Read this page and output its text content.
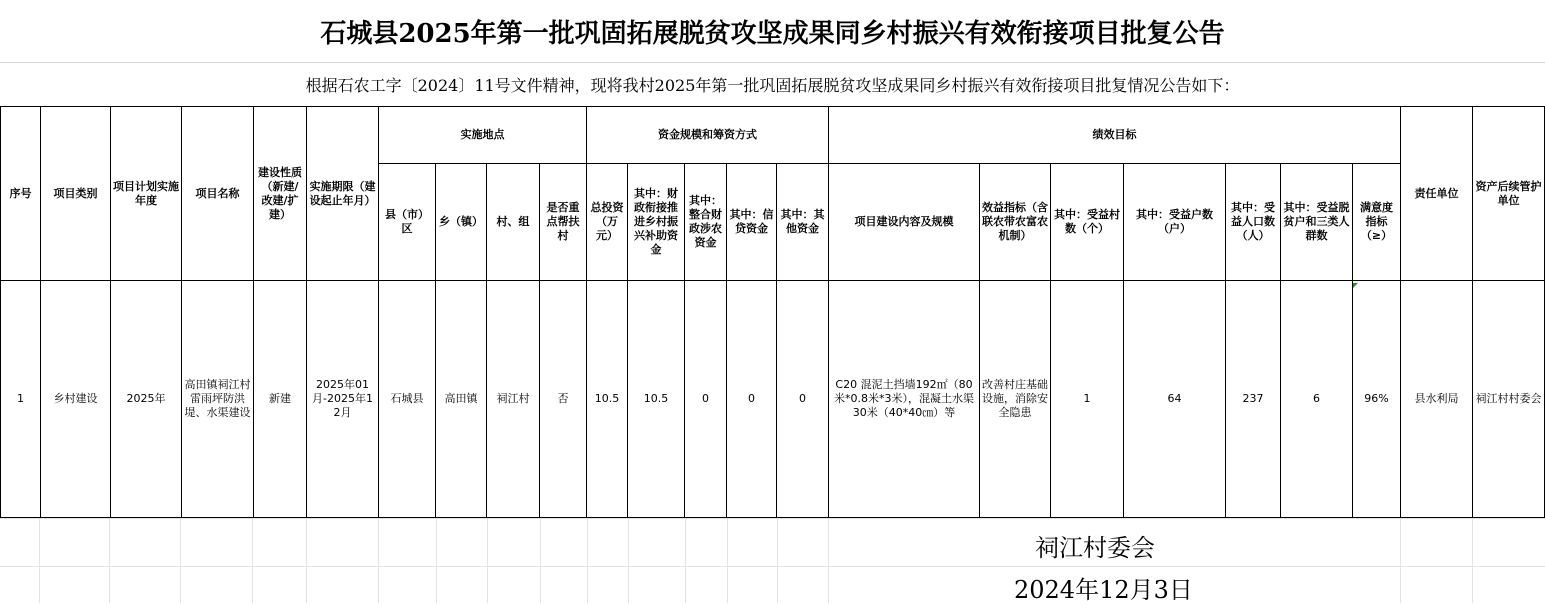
石城县2025年第一批巩固拓展脱贫攻坚成果同乡村振兴有效衔接项目批复公告
根据石农工字〔2024〕11号文件精神，现将我村2025年第一批巩固拓展脱贫攻坚成果同乡村振兴有效衔接项目批复情况公告如下：
序号	项目类别	项目计划实施年度	项目名称	建设性质（新建/改建/扩建）	实施期限（建设起止年月）	实施地点				资金规模和筹资方式					绩效目标							责任单位	资产后续管护单位
						县（市）区	乡（镇）	村、组	是否重点帮扶村	总投资（万元）	其中：财政衔接推进乡村振兴补助资金	其中：整合财政涉农资金	其中：信贷资金	其中：其他资金	项目建设内容及规模	效益指标（含联农带农富农机制）	其中：受益村数（个）	其中：受益户数（户）	其中：受益人口数（人）	其中：受益脱贫户和三类人群数	满意度指标（≥）		
1	乡村建设	2025年	高田镇祠江村雷雨坪防洪堤、水渠建设	新建	2025年01月-2025年12月	石城县	高田镇	祠江村	否	10.5	10.5	0	0	0	C20 混泥土挡墙192㎡（80米*0.8米*3米），混凝土水渠30米（40*40㎝）等	改善村庄基础设施，消除安全隐患	1	64	237	6	96%	县水利局	祠江村村委会
祠江村委会
2024年12月3日
